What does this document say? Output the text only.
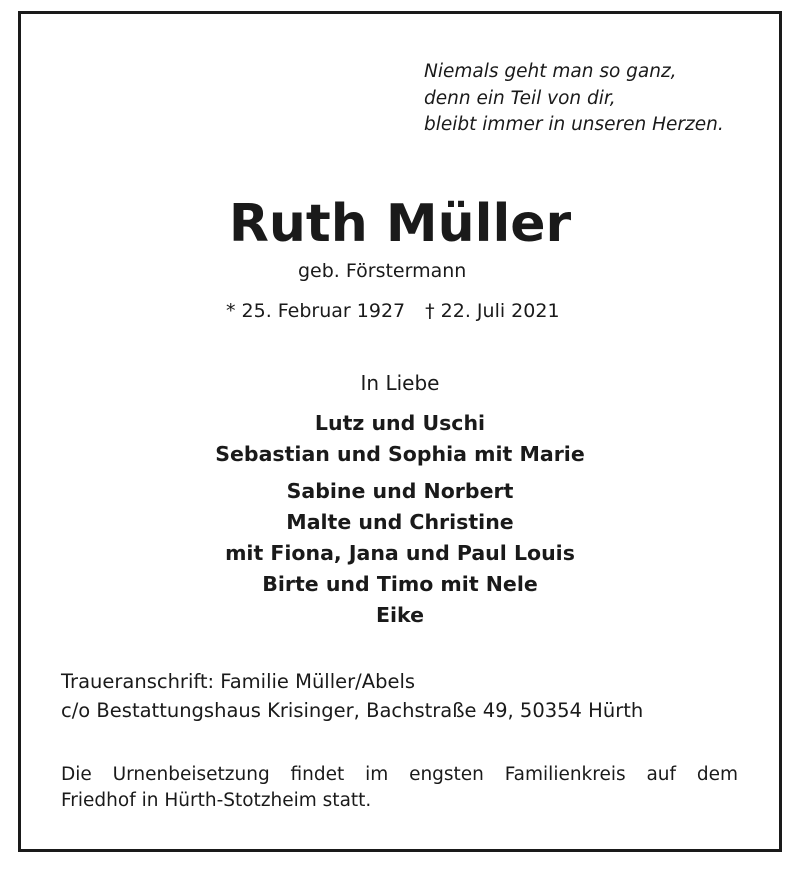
Niemals geht man so ganz,
denn ein Teil von dir,
bleibt immer in unseren Herzen.
Ruth Müller
geb. Förstermann
* 25. Februar 1927 † 22. Juli 2021
In Liebe
Lutz und Uschi
Sebastian und Sophia mit Marie
Sabine und Norbert
Malte und Christine
mit Fiona, Jana und Paul Louis
Birte und Timo mit Nele
Eike
Traueranschrift: Familie Müller/Abels
c/o Bestattungshaus Krisinger, Bachstraße 49, 50354 Hürth
Die Urnenbeisetzung findet im engsten Familienkreis auf dem
Friedhof in Hürth-Stotzheim statt.
